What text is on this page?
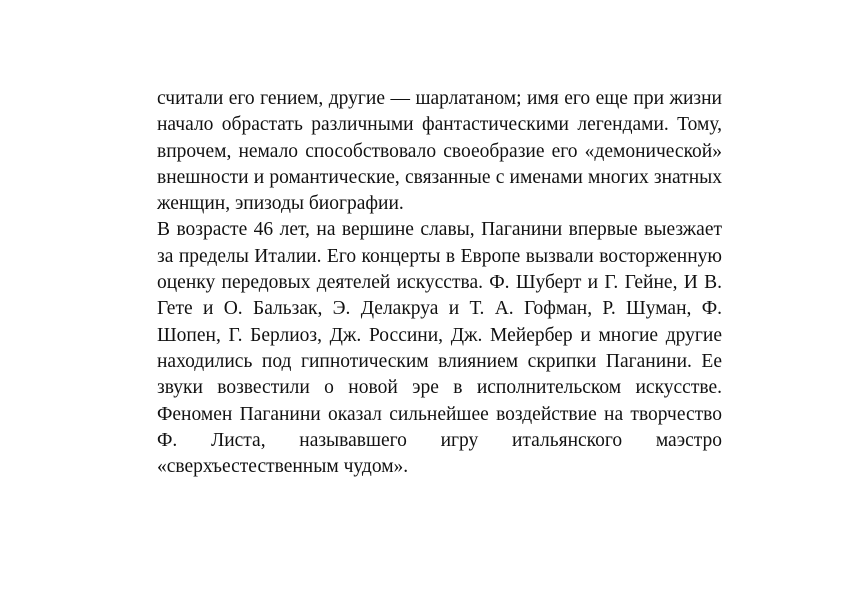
считали его гением, другие — шарлатаном; имя его еще при жизни начало обрастать различными фантастическими легендами. Тому, впрочем, немало способствовало своеобразие его «демонической» внешности и романтические, связанные с именами многих знатных женщин, эпизоды биографии.

В возрасте 46 лет, на вершине славы, Паганини впервые выезжает за пределы Италии. Его концерты в Европе вызвали восторженную оценку передовых деятелей искусства. Ф. Шуберт и Г. Гейне, И В. Гете и О. Бальзак, Э. Делакруа и Т. А. Гофман, Р. Шуман, Ф. Шопен, Г. Берлиоз, Дж. Россини, Дж. Мейербер и многие другие находились под гипнотическим влиянием скрипки Паганини. Ее звуки возвестили о новой эре в исполнительском искусстве. Феномен Паганини оказал сильнейшее воздействие на творчество Ф. Листа, называвшего игру итальянского маэстро «сверхъестественным чудом».
